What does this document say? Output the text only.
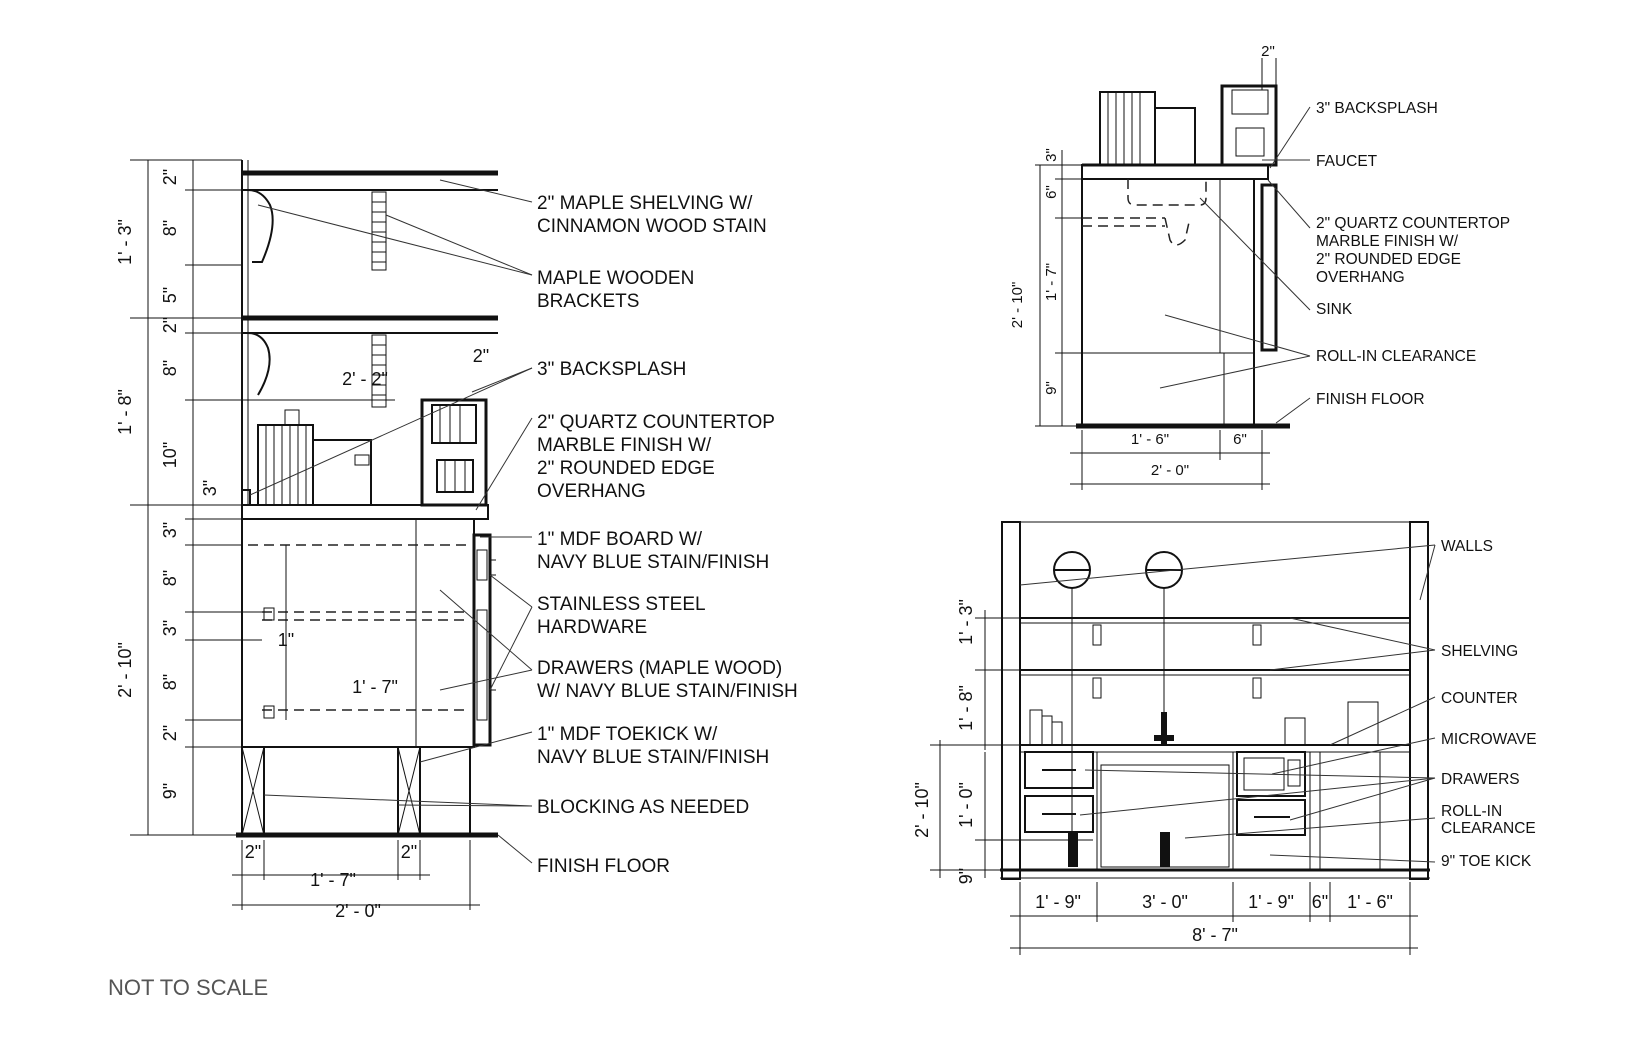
2" MAPLE SHELVING W/
CINNAMON WOOD STAIN
MAPLE WOODEN
BRACKETS
3" BACKSPLASH
2" QUARTZ COUNTERTOP
MARBLE FINISH W/
2" ROUNDED EDGE
OVERHANG
1" MDF BOARD W/
NAVY BLUE STAIN/FINISH
STAINLESS STEEL
HARDWARE
DRAWERS (MAPLE WOOD)
W/ NAVY BLUE STAIN/FINISH
1" MDF TOEKICK W/
NAVY BLUE STAIN/FINISH
BLOCKING AS NEEDED
FINISH FLOOR
1' - 3"
1' - 8"
2' - 10"
2"
8"
5"
2"
8"
10"
3"
8"
3"
8"
2"
9"
3"
2' - 2"
2"
1"
1' - 7"
2"
1' - 7"
2"
2' - 0"
3" BACKSPLASH
FAUCET
2" QUARTZ COUNTERTOP
MARBLE FINISH W/
2" ROUNDED EDGE
OVERHANG
SINK
ROLL-IN CLEARANCE
FINISH FLOOR
2"
3"
6"
2' - 10" 1' - 7"
9"
1' - 6"	6"
2' - 0"
WALLS
SHELVING
COUNTER
MICROWAVE
DRAWERS
ROLL-IN
CLEARANCE
9" TOE KICK
1' - 3"
1' - 8"
2' - 10" 1' - 0"
9"
1' - 9"	3' - 0"	1' - 9" 6" 1' - 6"
8' - 7"
NOT TO SCALE
